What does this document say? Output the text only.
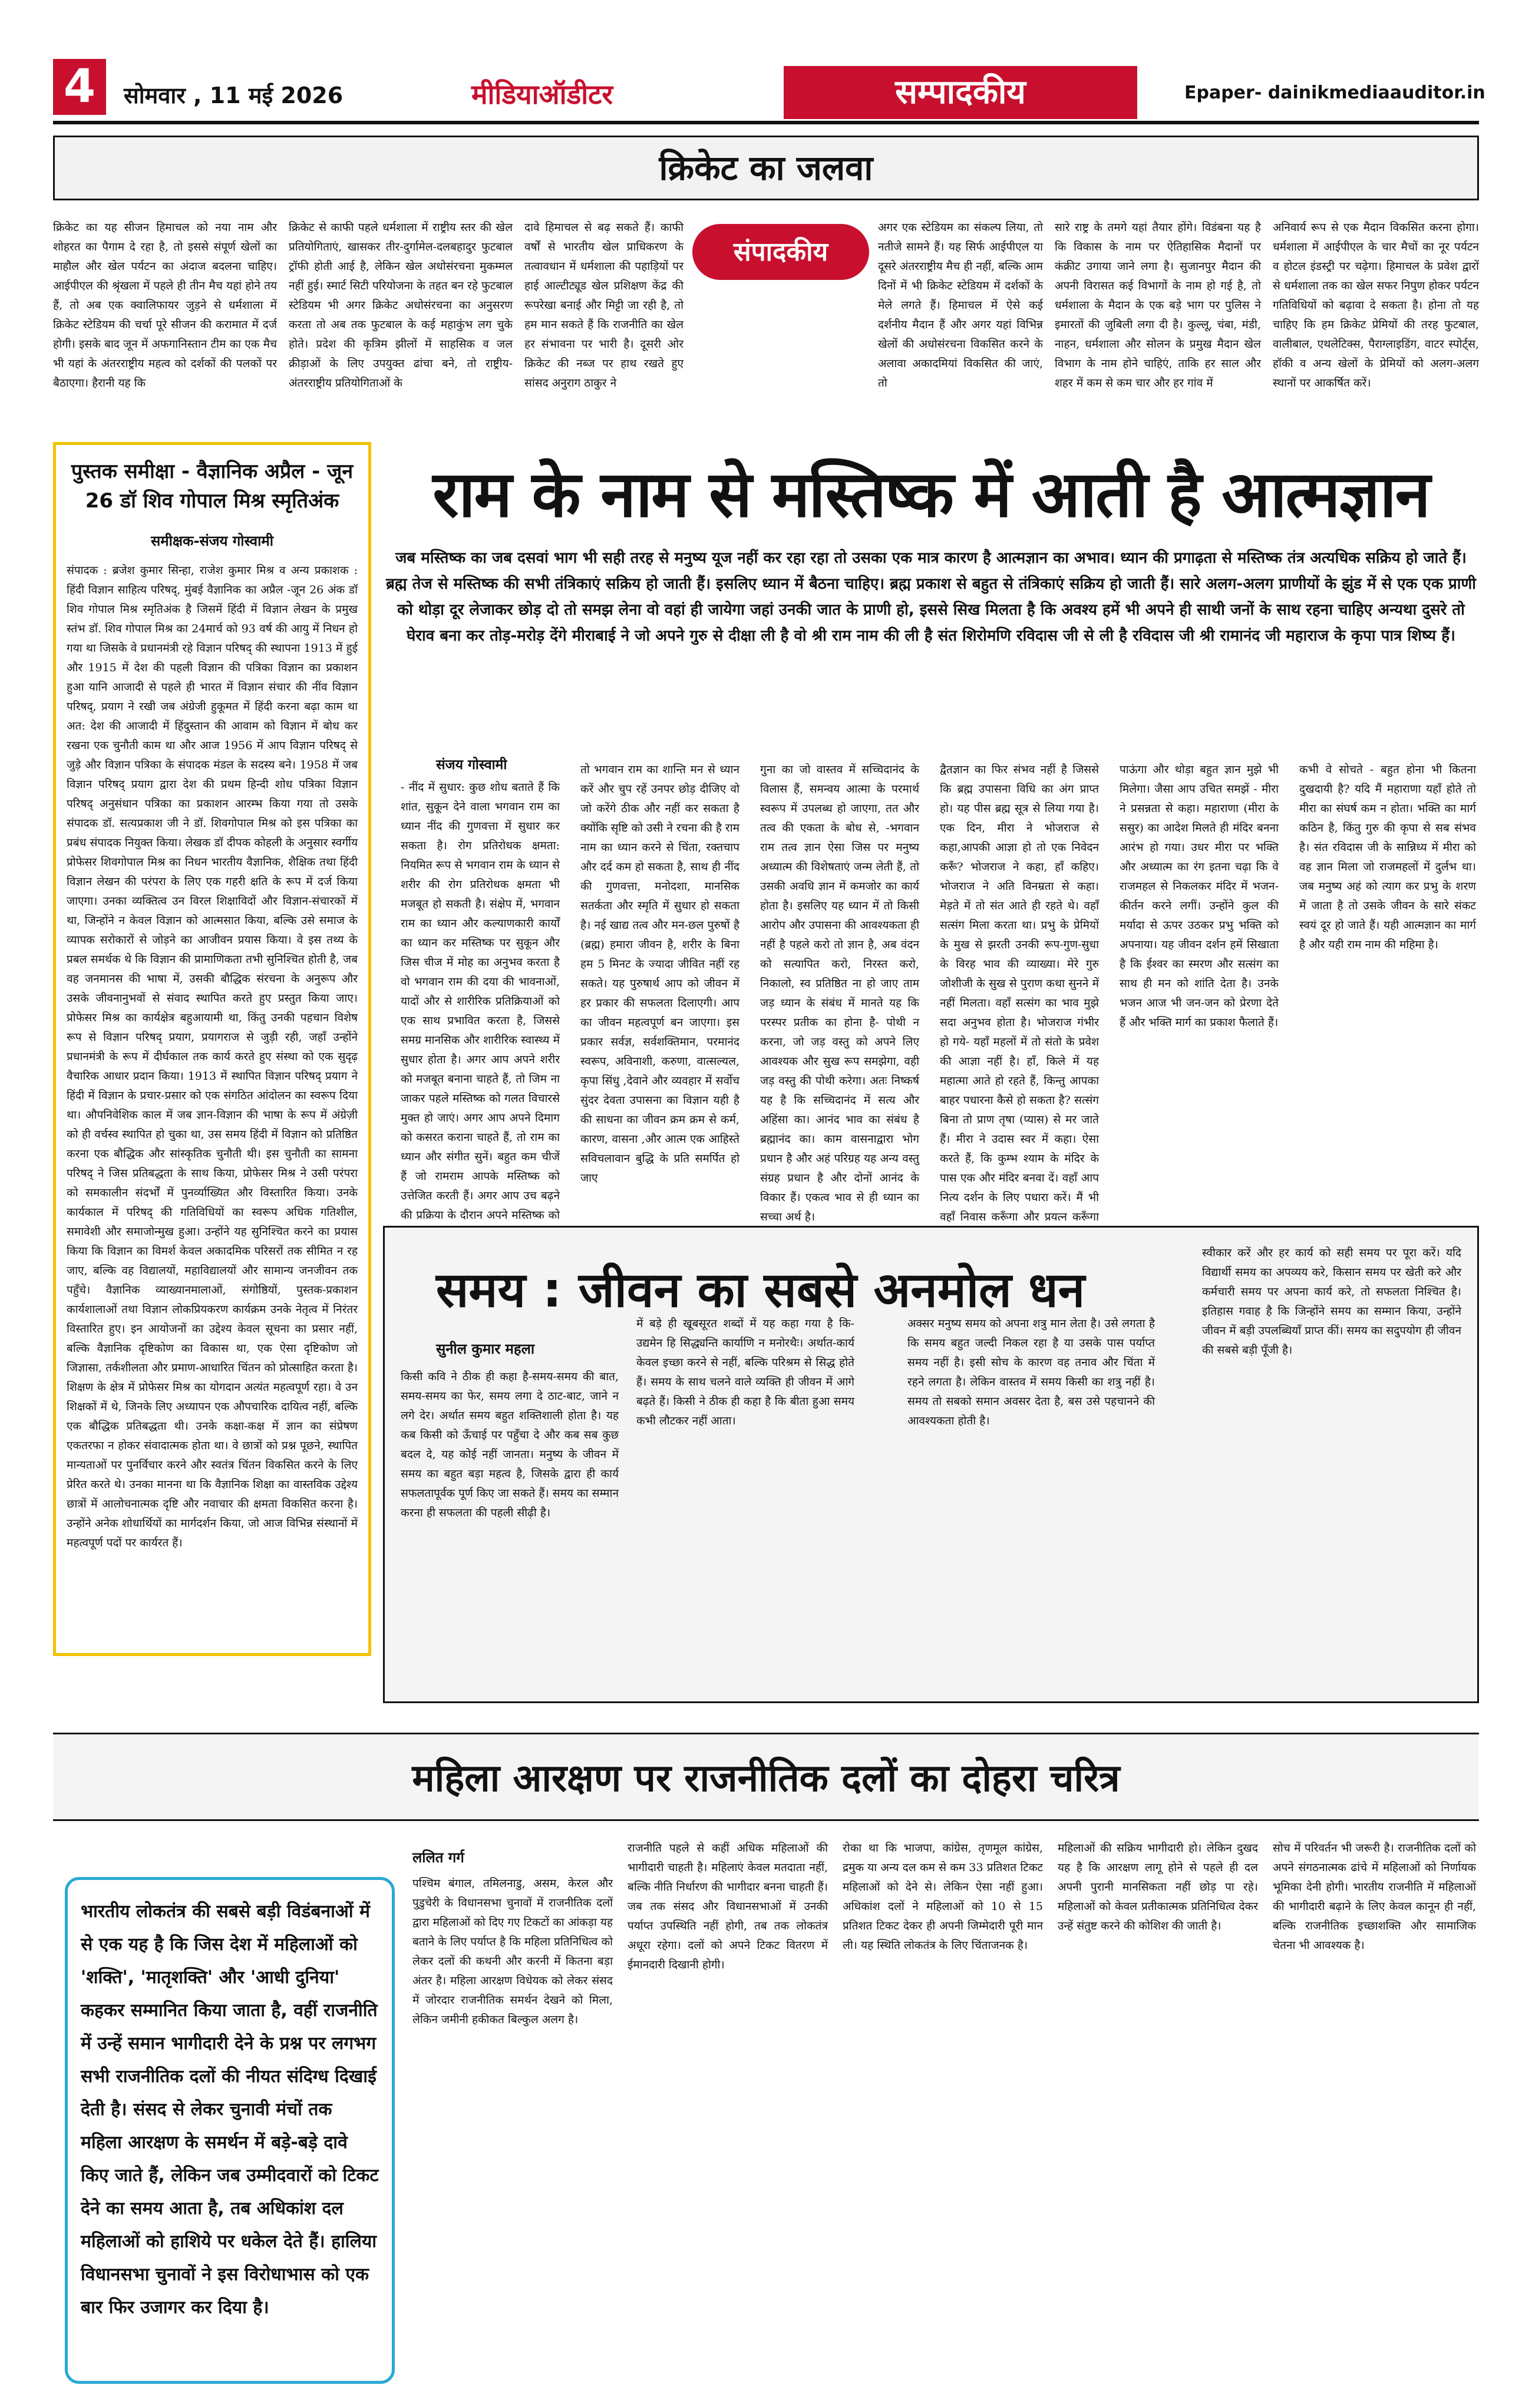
4	सोमवार , 11 मई 2026	मीडियाऑडीटर	सम्पादकीय	Epaper- dainikmediaauditor.in
क्रिकेट का जलवा
संपादकीय
क्रिकेट का यह सीजन हिमाचल को नया नाम और शोहरत का पैगाम दे रहा है, तो इससे संपूर्ण खेलों का माहौल और खेल पर्यटन का अंदाज बदलना चाहिए। आईपीएल की श्रृंखला में पहले ही तीन मैच यहां होने तय हैं, तो अब एक क्वालिफायर जुड़ने से धर्मशाला में क्रिकेट स्टेडियम की चर्चा पूरे सीजन की करामात में दर्ज होगी। इसके बाद जून में अफगानिस्तान टीम का एक मैच भी यहां के अंतरराष्ट्रीय महत्व को दर्शकों की पलकों पर बैठाएगा। हैरानी यह कि
क्रिकेट से काफी पहले धर्मशाला में राष्ट्रीय स्तर की खेल प्रतियोगिताएं, खासकर तीर-दुर्गामेल-दलबहादुर फुटबाल ट्रॉफी होती आई है, लेकिन खेल अधोसंरचना मुकम्मल नहीं हुई। स्मार्ट सिटी परियोजना के तहत बन रहे फुटबाल स्टेडियम भी अगर क्रिकेट अधोसंरचना का अनुसरण करता तो अब तक फुटबाल के कई महाकुंभ लग चुके होते। प्रदेश की कृत्रिम झीलों में साहसिक व जल क्रीड़ाओं के लिए उपयुक्त ढांचा बने, तो राष्ट्रीय-अंतरराष्ट्रीय प्रतियोगिताओं के
दावे हिमाचल से बढ़ सकते हैं। काफी वर्षों से भारतीय खेल प्राधिकरण के तत्वावधान में धर्मशाला की पहाड़ियों पर हाई आल्टीट्यूड खेल प्रशिक्षण केंद्र की रूपरेखा बनाई और मिट्टी जा रही है, तो हम मान सकते हैं कि राजनीति का खेल हर संभावना पर भारी है। दूसरी ओर क्रिकेट की नब्ज पर हाथ रखते हुए सांसद अनुराग ठाकुर ने
अगर एक स्टेडियम का संकल्प लिया, तो नतीजे सामने हैं। यह सिर्फ आईपीएल या दूसरे अंतरराष्ट्रीय मैच ही नहीं, बल्कि आम दिनों में भी क्रिकेट स्टेडियम में दर्शकों के मेले लगते हैं। हिमाचल में ऐसे कई दर्शनीय मैदान हैं और अगर यहां विभिन्न खेलों की अधोसंरचना विकसित करने के अलावा अकादमियां विकसित की जाएं, तो
सारे राष्ट्र के तमगे यहां तैयार होंगे। विडंबना यह है कि विकास के नाम पर ऐतिहासिक मैदानों पर कंक्रीट उगाया जाने लगा है। सुजानपुर मैदान की अपनी विरासत कई विभागों के नाम हो गई है, तो धर्मशाला के मैदान के एक बड़े भाग पर पुलिस ने इमारतों की जुबिली लगा दी है। कुल्लू, चंबा, मंडी, नाहन, धर्मशाला और सोलन के प्रमुख मैदान खेल विभाग के नाम होने चाहिएं, ताकि हर साल और शहर में कम से कम चार और हर गांव में
अनिवार्य रूप से एक मैदान विकसित करना होगा। धर्मशाला में आईपीएल के चार मैचों का नूर पर्यटन व होटल इंडस्ट्री पर चढ़ेगा। हिमाचल के प्रवेश द्वारों से धर्मशाला तक का खेल सफर निपुण होकर पर्यटन गतिविधियों को बढ़ावा दे सकता है। होना तो यह चाहिए कि हम क्रिकेट प्रेमियों की तरह फुटबाल, वालीबाल, एथलेटिक्स, पैराग्लाइडिंग, वाटर स्पोर्ट्स, हॉकी व अन्य खेलों के प्रेमियों को अलग-अलग स्थानों पर आकर्षित करें।
पुस्तक समीक्षा - वैज्ञानिक अप्रैल - जून 26 डॉ शिव गोपाल मिश्र स्मृतिअंक
समीक्षक-संजय गोस्वामी
संपादक : ब्रजेश कुमार सिन्हा, राजेश कुमार मिश्र व अन्य प्रकाशक : हिंदी विज्ञान साहित्य परिषद्, मुंबई वैज्ञानिक का अप्रैल -जून 26 अंक डॉ शिव गोपाल मिश्र स्मृतिअंक है जिसमें हिंदी में विज्ञान लेखन के प्रमुख स्तंभ डॉ. शिव गोपाल मिश्र का 24मार्च को 93 वर्ष की आयु में निधन हो गया था जिसके वे प्रधानमंत्री रहे विज्ञान परिषद् की स्थापना 1913 में हुई और 1915 में देश की पहली विज्ञान की पत्रिका विज्ञान का प्रकाशन हुआ यानि आजादी से पहले ही भारत में विज्ञान संचार की नींव विज्ञान परिषद्, प्रयाग ने रखी जब अंग्रेजी हुकूमत में हिंदी करना बढ़ा काम था अत: देश की आजादी में हिंदुस्तान की आवाम को विज्ञान में बोध कर रखना एक चुनौती काम था और आज 1956 में आप विज्ञान परिषद् से जुड़े और विज्ञान पत्रिका के संपादक मंडल के सदस्य बने। 1958 में जब विज्ञान परिषद् प्रयाग द्वारा देश की प्रथम हिन्दी शोध पत्रिका विज्ञान परिषद् अनुसंधान पत्रिका का प्रकाशन आरम्भ किया गया तो उसके संपादक डॉ. सत्यप्रकाश जी ने डॉ. शिवगोपाल मिश्र को इस पत्रिका का प्रबंध संपादक नियुक्त किया। लेखक डॉ दीपक कोहली के अनुसार स्वर्गीय प्रोफेसर शिवगोपाल मिश्र का निधन भारतीय वैज्ञानिक, शैक्षिक तथा हिंदी विज्ञान लेखन की परंपरा के लिए एक गहरी क्षति के रूप में दर्ज किया जाएगा। उनका व्यक्तित्व उन विरल शिक्षाविदों और विज्ञान-संचारकों में था, जिन्होंने न केवल विज्ञान को आत्मसात किया, बल्कि उसे समाज के व्यापक सरोकारों से जोड़ने का आजीवन प्रयास किया। वे इस तथ्य के प्रबल समर्थक थे कि विज्ञान की प्रामाणिकता तभी सुनिश्चित होती है, जब वह जनमानस की भाषा में, उसकी बौद्धिक संरचना के अनुरूप और उसके जीवनानुभवों से संवाद स्थापित करते हुए प्रस्तुत किया जाए। प्रोफेसर मिश्र का कार्यक्षेत्र बहुआयामी था, किंतु उनकी पहचान विशेष रूप से विज्ञान परिषद् प्रयाग, प्रयागराज से जुड़ी रही, जहाँ उन्होंने प्रधानमंत्री के रूप में दीर्घकाल तक कार्य करते हुए संस्था को एक सुदृढ़ वैचारिक आधार प्रदान किया। 1913 में स्थापित विज्ञान परिषद् प्रयाग ने हिंदी में विज्ञान के प्रचार-प्रसार को एक संगठित आंदोलन का स्वरूप दिया था। औपनिवेशिक काल में जब ज्ञान-विज्ञान की भाषा के रूप में अंग्रेज़ी को ही वर्चस्व स्थापित हो चुका था, उस समय हिंदी में विज्ञान को प्रतिष्ठित करना एक बौद्धिक और सांस्कृतिक चुनौती थी। इस चुनौती का सामना परिषद् ने जिस प्रतिबद्धता के साथ किया, प्रोफेसर मिश्र ने उसी परंपरा को समकालीन संदर्भों में पुनर्व्याख्यित और विस्तारित किया। उनके कार्यकाल में परिषद् की गतिविधियों का स्वरूप अधिक गतिशील, समावेशी और समाजोन्मुख हुआ। उन्होंने यह सुनिश्चित करने का प्रयास किया कि विज्ञान का विमर्श केवल अकादमिक परिसरों तक सीमित न रह जाए, बल्कि वह विद्यालयों, महाविद्यालयों और सामान्य जनजीवन तक पहुँचे। वैज्ञानिक व्याख्यानमालाओं, संगोष्ठियों, पुस्तक-प्रकाशन कार्यशालाओं तथा विज्ञान लोकप्रियकरण कार्यक्रम उनके नेतृत्व में निरंतर विस्तारित हुए। इन आयोजनों का उद्देश्य केवल सूचना का प्रसार नहीं, बल्कि वैज्ञानिक दृष्टिकोण का विकास था, एक ऐसा दृष्टिकोण जो जिज्ञासा, तर्कशीलता और प्रमाण-आधारित चिंतन को प्रोत्साहित करता है। शिक्षण के क्षेत्र में प्रोफेसर मिश्र का योगदान अत्यंत महत्वपूर्ण रहा। वे उन शिक्षकों में थे, जिनके लिए अध्यापन एक औपचारिक दायित्व नहीं, बल्कि एक बौद्धिक प्रतिबद्धता थी। उनके कक्षा-कक्ष में ज्ञान का संप्रेषण एकतरफा न होकर संवादात्मक होता था। वे छात्रों को प्रश्न पूछने, स्थापित मान्यताओं पर पुनर्विचार करने और स्वतंत्र चिंतन विकसित करने के लिए प्रेरित करते थे। उनका मानना था कि वैज्ञानिक शिक्षा का वास्तविक उद्देश्य छात्रों में आलोचनात्मक दृष्टि और नवाचार की क्षमता विकसित करना है। उन्होंने अनेक शोधार्थियों का मार्गदर्शन किया, जो आज विभिन्न संस्थानों में महत्वपूर्ण पदों पर कार्यरत हैं।
राम के नाम से मस्तिष्क में आती है आत्मज्ञान
जब मस्तिष्क का जब दसवां भाग भी सही तरह से मनुष्य यूज नहीं कर रहा रहा तो उसका एक मात्र कारण है आत्मज्ञान का अभाव। ध्यान की प्रगाढ़ता से मस्तिष्क तंत्र अत्यधिक सक्रिय हो जाते हैं। ब्रह्म तेज से मस्तिष्क की सभी तंत्रिकाएं सक्रिय हो जाती हैं। इसलिए ध्यान में बैठना चाहिए। ब्रह्म प्रकाश से बहुत से तंत्रिकाएं सक्रिय हो जाती हैं। सारे अलग-अलग प्राणीयों के झुंड में से एक एक प्राणी को थोड़ा दूर लेजाकर छोड़ दो तो समझ लेना वो वहां ही जायेगा जहां उनकी जात के प्राणी हो, इससे सिख मिलता है कि अवश्य हमें भी अपने ही साथी जनों के साथ रहना चाहिए अन्यथा दुसरे तो घेराव बना कर तोड़-मरोड़ देंगे मीराबाई ने जो अपने गुरु से दीक्षा ली है वो श्री राम नाम की ली है संत शिरोमणि रविदास जी से ली है रविदास जी श्री रामानंद जी महाराज के कृपा पात्र शिष्य हैं।
संजय गोस्वामी
- नींद में सुधार: कुछ शोध बताते हैं कि शांत, सुकून देने वाला भगवान राम का ध्यान नींद की गुणवत्ता में सुधार कर सकता है। रोग प्रतिरोधक क्षमता: नियमित रूप से भगवान राम के ध्यान से शरीर की रोग प्रतिरोधक क्षमता भी मजबूत हो सकती है। संक्षेप में, भगवान राम का ध्यान और कल्याणकारी कार्यों का ध्यान कर मस्तिष्क पर सुकून और जिस चीज में मोह का अनुभव करता है वो भगवान राम की दया की भावनाओं, यादों और से शारीरिक प्रतिक्रियाओं को एक साथ प्रभावित करता है, जिससे समग्र मानसिक और शारीरिक स्वास्थ्य में सुधार होता है। अगर आप अपने शरीर को मजबूत बनाना चाहते हैं, तो जिम ना जाकर पहले मस्तिष्क को गलत विचारसे मुक्त हो जाएं। अगर आप अपने दिमाग को कसरत कराना चाहते हैं, तो राम का ध्यान और संगीत सुनें। बहुत कम चीजें हैं जो रामराम आपके मस्तिष्क को उत्तेजित करती हैं। अगर आप उच बढ़ने की प्रक्रिया के दौरान अपने मस्तिष्क को
तो भगवान राम का शान्ति मन से ध्यान करें और चुप रहें उनपर छोड़ दीजिए वो जो करेंगे ठीक और नहीं कर सकता है क्योंकि सृष्टि को उसी ने रचना की है राम नाम का ध्यान करने से चिंता, रक्तचाप और दर्द कम हो सकता है, साथ ही नींद की गुणवत्ता, मनोदशा, मानसिक सतर्कता और स्मृति में सुधार हो सकता है। नई खाद्य तत्व और मन-छल पुरुषों है (ब्रह्म) हमारा जीवन है, शरीर के बिना हम 5 मिनट के ज्यादा जीवित नहीं रह सकते। यह पुरुषार्थ आप को जीवन में हर प्रकार की सफलता दिलाएगी। आप का जीवन महत्वपूर्ण बन जाएगा। इस प्रकार सर्वज्ञ, सर्वशक्तिमान, परमानंद स्वरूप, अविनाशी, करुणा, वात्सल्यल, कृपा सिंधु ,देवाने और व्यवहार में सर्वोच सुंदर देवता उपासना का विज्ञान यही है की साधना का जीवन क्रम क्रम से कर्म, कारण, वासना ,और आत्म एक आहिस्ते सविचलावान बुद्धि के प्रति समर्पित हो जाए
गुना का जो वास्तव में सच्चिदानंद के विलास हैं, समन्वय आत्मा के परमार्थ स्वरूप में उपलब्ध हो जाएगा, तत और तत्व की एकता के बोध से, -भगवान राम तत्व ज्ञान ऐसा जिस पर मनुष्य अध्यात्म की विशेषताएं जन्म लेती हैं, तो उसकी अवधि ज्ञान में कमजोर का कार्य होता है। इसलिए यह ध्यान में तो किसी आरोप और उपासना की आवश्यकता ही नहीं है पहले करो तो ज्ञान है, अब वंदन को सत्यापित करो, निरस्त करो, निकालो, स्व प्रतिष्ठित ना हो जाए ताम जड़ ध्यान के संबंध में मानते यह कि परस्पर प्रतीक का होना है- पोथी न करना, जो जड़ वस्तु को अपने लिए आवश्यक और सुख रूप समझेगा, वही जड़ वस्तु की पोथी करेगा। अतः निष्कर्ष यह है कि सच्चिदानंद में सत्य और अहिंसा का। आनंद भाव का संबंध है ब्रह्मानंद का। काम वासनाद्वारा भोग प्रधान है और अहं परिग्रह यह अन्य वस्तु संग्रह प्रधान है और दोनों आनंद के विकार हैं। एकत्व भाव से ही ध्यान का सच्चा अर्थ है।
द्वैतज्ञान का फिर संभव नहीं है जिससे कि ब्रह्म उपासना विधि का अंग प्राप्त हो। यह पीस ब्रह्म सूत्र से लिया गया है। एक दिन, मीरा ने भोजराज से कहा,आपकी आज्ञा हो तो एक निवेदन करूँ? भोजराज ने कहा, हाँ कहिए। भोजराज ने अति विनम्रता से कहा। मेड़ते में तो संत आते ही रहते थे। वहाँ सत्संग मिला करता था। प्रभु के प्रेमियों के मुख से झरती उनकी रूप-गुण-सुधा के विरह भाव की व्याख्या। मेरे गुरु जोशीजी के सुख से पुराण कथा सुनने में नहीं मिलता। वहाँ सत्संग का भाव मुझे सदा अनुभव होता है। भोजराज गंभीर हो गये- यहाँ महलों में तो संतो के प्रवेश की आज्ञा नहीं है। हाँ, किले में यह महात्मा आते हो रहते हैं, किन्तु आपका बाहर पधारना कैसे हो सकता है? सत्संग बिना तो प्राण तृषा (प्यास) से मर जाते हैं। मीरा ने उदास स्वर में कहा। ऐसा करते हैं, कि कुम्भ श्याम के मंदिर के पास एक और मंदिर बनवा दें। वहाँ आप नित्य दर्शन के लिए पधारा करें। मैं भी वहाँ निवास करूँगा और प्रयत्न करूँगा
पाऊंगा और थोड़ा बहुत ज्ञान मुझे भी मिलेगा। जैसा आप उचित समझें - मीरा ने प्रसन्नता से कहा। महाराणा (मीरा के ससुर) का आदेश मिलते ही मंदिर बनना आरंभ हो गया। उधर मीरा पर भक्ति और अध्यात्म का रंग इतना चढ़ा कि वे राजमहल से निकलकर मंदिर में भजन-कीर्तन करने लगीं। उन्होंने कुल की मर्यादा से ऊपर उठकर प्रभु भक्ति को अपनाया। यह जीवन दर्शन हमें सिखाता है कि ईश्वर का स्मरण और सत्संग का साथ ही मन को शांति देता है। उनके भजन आज भी जन-जन को प्रेरणा देते हैं और भक्ति मार्ग का प्रकाश फैलाते हैं।
कभी वे सोचते - बहुत होना भी कितना दुखदायी है? यदि मैं महाराणा यहाँ होते तो मीरा का संघर्ष कम न होता। भक्ति का मार्ग कठिन है, किंतु गुरु की कृपा से सब संभव है। संत रविदास जी के सान्निध्य में मीरा को वह ज्ञान मिला जो राजमहलों में दुर्लभ था। जब मनुष्य अहं को त्याग कर प्रभु के शरण में जाता है तो उसके जीवन के सारे संकट स्वयं दूर हो जाते हैं। यही आत्मज्ञान का मार्ग है और यही राम नाम की महिमा है।
समय : जीवन का सबसे अनमोल धन
सुनील कुमार महला
किसी कवि ने ठीक ही कहा है-समय-समय की बात, समय-समय का फेर, समय लगा दे ठाट-बाट, जाने न लगे देर। अर्थात समय बहुत शक्तिशाली होता है। यह कब किसी को ऊँचाई पर पहुँचा दे और कब सब कुछ बदल दे, यह कोई नहीं जानता। मनुष्य के जीवन में समय का बहुत बड़ा महत्व है, जिसके द्वारा ही कार्य सफलतापूर्वक पूर्ण किए जा सकते हैं। समय का सम्मान करना ही सफलता की पहली सीढ़ी है।
में बड़े ही खूबसूरत शब्दों में यह कहा गया है कि- उद्यमेन हि सिद्ध्यन्ति कार्याणि न मनोरथैः। अर्थात-कार्य केवल इच्छा करने से नहीं, बल्कि परिश्रम से सिद्ध होते हैं। समय के साथ चलने वाले व्यक्ति ही जीवन में आगे बढ़ते हैं। किसी ने ठीक ही कहा है कि बीता हुआ समय कभी लौटकर नहीं आता।
अक्सर मनुष्य समय को अपना शत्रु मान लेता है। उसे लगता है कि समय बहुत जल्दी निकल रहा है या उसके पास पर्याप्त समय नहीं है। इसी सोच के कारण वह तनाव और चिंता में रहने लगता है। लेकिन वास्तव में समय किसी का शत्रु नहीं है। समय तो सबको समान अवसर देता है, बस उसे पहचानने की आवश्यकता होती है।
स्वीकार करें और हर कार्य को सही समय पर पूरा करें। यदि विद्यार्थी समय का अपव्यय करे, किसान समय पर खेती करे और कर्मचारी समय पर अपना कार्य करे, तो सफलता निश्चित है। इतिहास गवाह है कि जिन्होंने समय का सम्मान किया, उन्होंने जीवन में बड़ी उपलब्धियाँ प्राप्त कीं। समय का सदुपयोग ही जीवन की सबसे बड़ी पूँजी है।
महिला आरक्षण पर राजनीतिक दलों का दोहरा चरित्र
ललित गर्ग
भारतीय लोकतंत्र की सबसे बड़ी विडंबनाओं में से एक यह है कि जिस देश में महिलाओं को 'शक्ति', 'मातृशक्ति' और 'आधी दुनिया' कहकर सम्मानित किया जाता है, वहीं राजनीति में उन्हें समान भागीदारी देने के प्रश्न पर लगभग सभी राजनीतिक दलों की नीयत संदिग्ध दिखाई देती है। संसद से लेकर चुनावी मंचों तक महिला आरक्षण के समर्थन में बड़े-बड़े दावे किए जाते हैं, लेकिन जब उम्मीदवारों को टिकट देने का समय आता है, तब अधिकांश दल महिलाओं को हाशिये पर धकेल देते हैं। हालिया विधानसभा चुनावों ने इस विरोधाभास को एक बार फिर उजागर कर दिया है।
पश्चिम बंगाल, तमिलनाडु, असम, केरल और पुडुचेरी के विधानसभा चुनावों में राजनीतिक दलों द्वारा महिलाओं को दिए गए टिकटों का आंकड़ा यह बताने के लिए पर्याप्त है कि महिला प्रतिनिधित्व को लेकर दलों की कथनी और करनी में कितना बड़ा अंतर है। महिला आरक्षण विधेयक को लेकर संसद में जोरदार राजनीतिक समर्थन देखने को मिला, लेकिन जमीनी हकीकत बिल्कुल अलग है।
राजनीति पहले से कहीं अधिक महिलाओं की भागीदारी चाहती है। महिलाएं केवल मतदाता नहीं, बल्कि नीति निर्धारण की भागीदार बनना चाहती हैं। जब तक संसद और विधानसभाओं में उनकी पर्याप्त उपस्थिति नहीं होगी, तब तक लोकतंत्र अधूरा रहेगा। दलों को अपने टिकट वितरण में ईमानदारी दिखानी होगी।
रोका था कि भाजपा, कांग्रेस, तृणमूल कांग्रेस, द्रमुक या अन्य दल कम से कम 33 प्रतिशत टिकट महिलाओं को देने से। लेकिन ऐसा नहीं हुआ। अधिकांश दलों ने महिलाओं को 10 से 15 प्रतिशत टिकट देकर ही अपनी जिम्मेदारी पूरी मान ली। यह स्थिति लोकतंत्र के लिए चिंताजनक है।
महिलाओं की सक्रिय भागीदारी हो। लेकिन दुखद यह है कि आरक्षण लागू होने से पहले ही दल अपनी पुरानी मानसिकता नहीं छोड़ पा रहे। महिलाओं को केवल प्रतीकात्मक प्रतिनिधित्व देकर उन्हें संतुष्ट करने की कोशिश की जाती है।
सोच में परिवर्तन भी जरूरी है। राजनीतिक दलों को अपने संगठनात्मक ढांचे में महिलाओं को निर्णायक भूमिका देनी होगी। भारतीय राजनीति में महिलाओं की भागीदारी बढ़ाने के लिए केवल कानून ही नहीं, बल्कि राजनीतिक इच्छाशक्ति और सामाजिक चेतना भी आवश्यक है।
